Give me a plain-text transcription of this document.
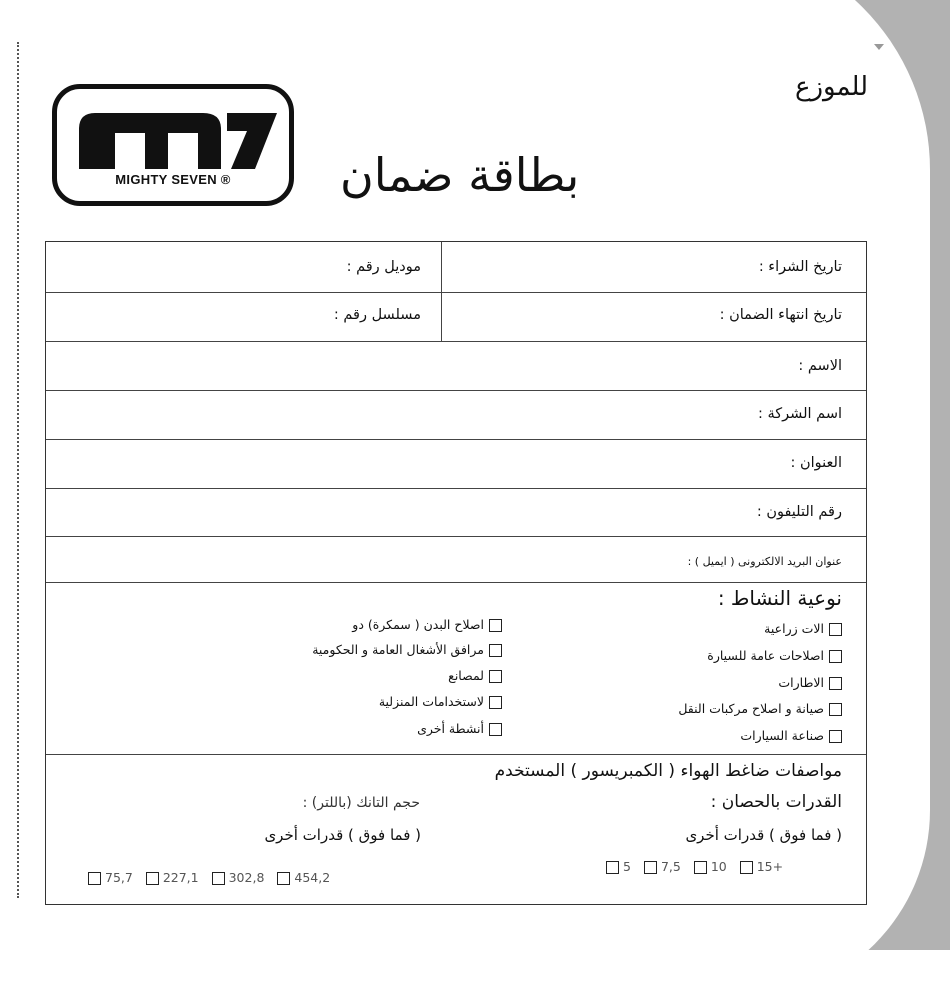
MIGHTY SEVEN ®
للموزع
بطاقة ضمان
تاريخ الشراء :
موديل رقم :
تاريخ انتهاء الضمان :
مسلسل رقم :
الاسم :
اسم الشركة :
العنوان :
رقم التليفون :
عنوان البريد الالكترونى ( ايميل ) :
نوعية النشاط :
الات زراعية
اصلاحات عامة للسيارة
الاطارات
صيانة و اصلاح مركبات النقل
صناعة السيارات
اصلاح البدن ( سمكرة) دو
مرافق الأشغال العامة و الحكومية
لمصانع
لاستخدامات المنزلية
أنشطة أخرى
مواصفات ضاغط الهواء ( الكمبريسور ) المستخدم
القدرات بالحصان :
حجم التانك (باللتر) :
( فما فوق ) قدرات أخرى
( فما فوق ) قدرات أخرى
5 7,5 10 15+
75,7 227,1 302,8 454,2
